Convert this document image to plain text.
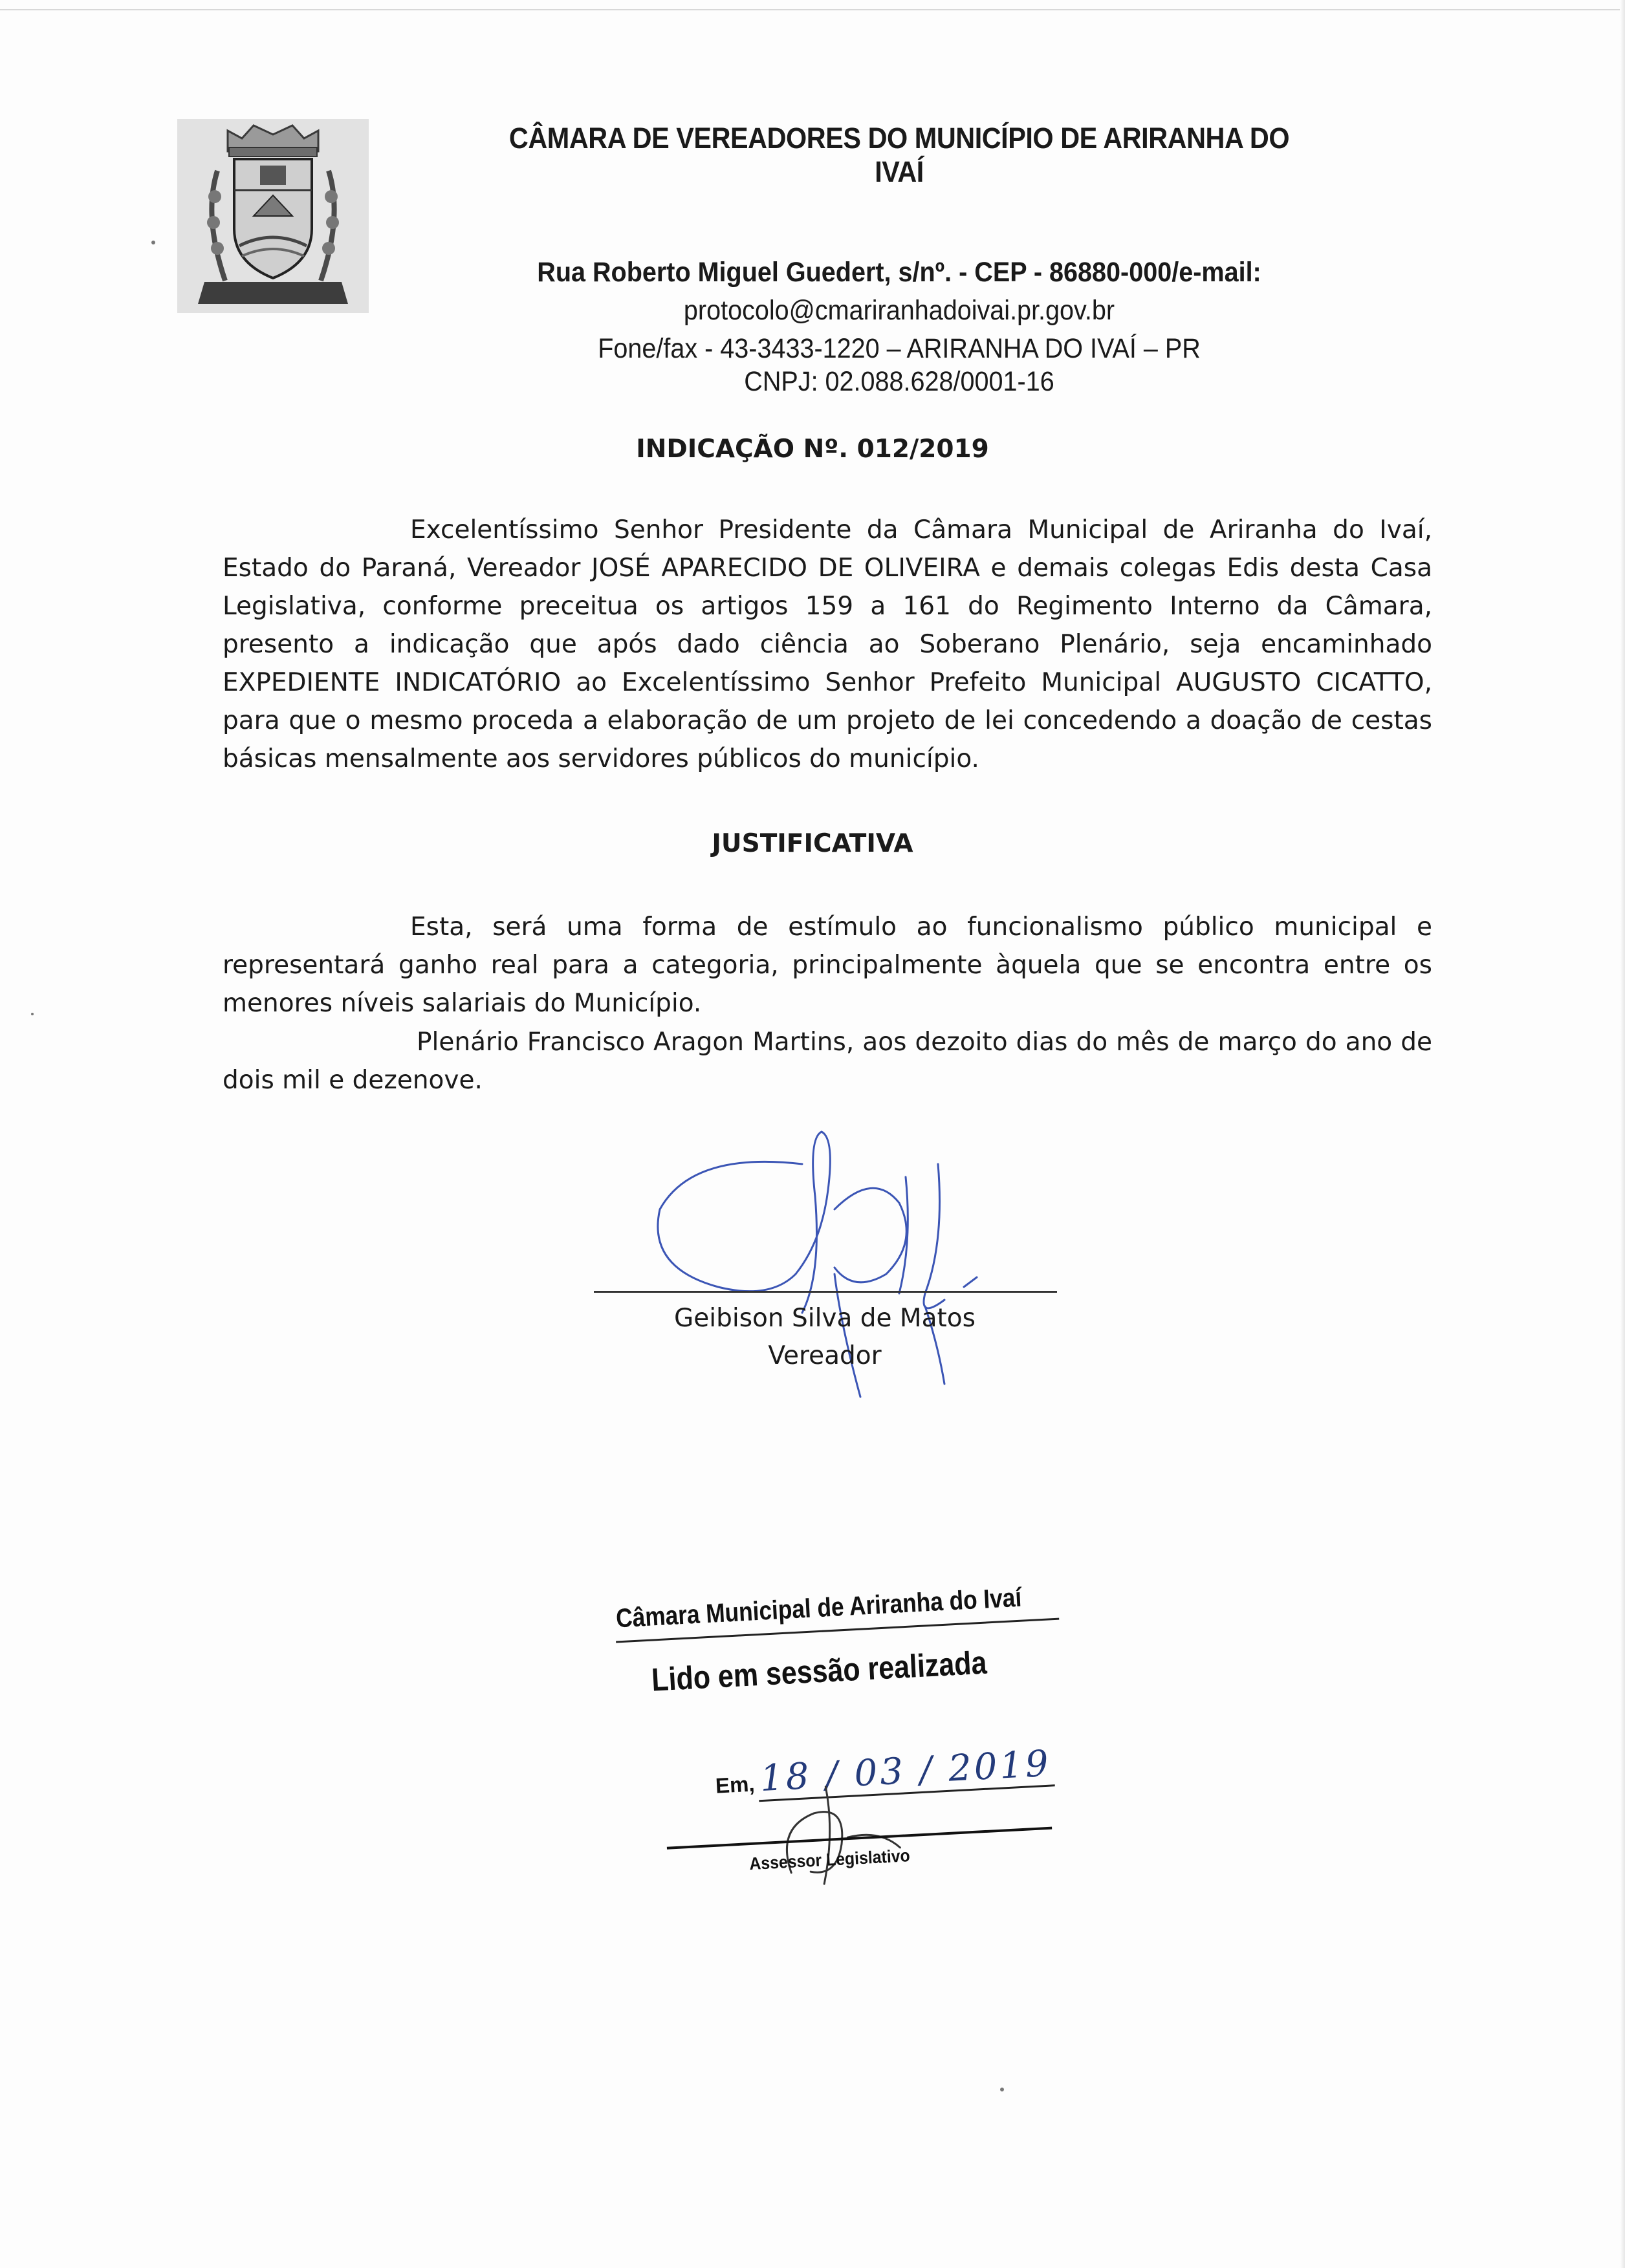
CÂMARA DE VEREADORES DO MUNICÍPIO DE ARIRANHA DO IVAÍ
Rua Roberto Miguel Guedert, s/nº. - CEP - 86880-000/e-mail:
protocolo@cmariranhadoivai.pr.gov.br
Fone/fax - 43-3433-1220 – ARIRANHA DO IVAÍ – PR
CNPJ: 02.088.628/0001-16
INDICAÇÃO Nº. 012/2019

Excelentíssimo Senhor Presidente da Câmara Municipal de Ariranha do Ivaí, Estado do Paraná, Vereador JOSÉ APARECIDO DE OLIVEIRA e demais colegas Edis desta Casa Legislativa, conforme preceitua os artigos 159 a 161 do Regimento Interno da Câmara, presento a indicação que após dado ciência ao Soberano Plenário, seja encaminhado EXPEDIENTE INDICATÓRIO ao Excelentíssimo Senhor Prefeito Municipal AUGUSTO CICATTO, para que o mesmo proceda a elaboração de um projeto de lei concedendo a doação de cestas básicas mensalmente aos servidores públicos do município.

JUSTIFICATIVA

Esta, será uma forma de estímulo ao funcionalismo público municipal e representará ganho real para a categoria, principalmente àquela que se encontra entre os menores níveis salariais do Município.

Plenário Francisco Aragon Martins, aos dezoito dias do mês de março do ano de dois mil e dezenove.

Geibison Silva de Matos
Vereador
Câmara Municipal de Ariranha do Ivaí
Lido em sessão realizada
Em, 18 / 03 / 2019
Assessor Legislativo
